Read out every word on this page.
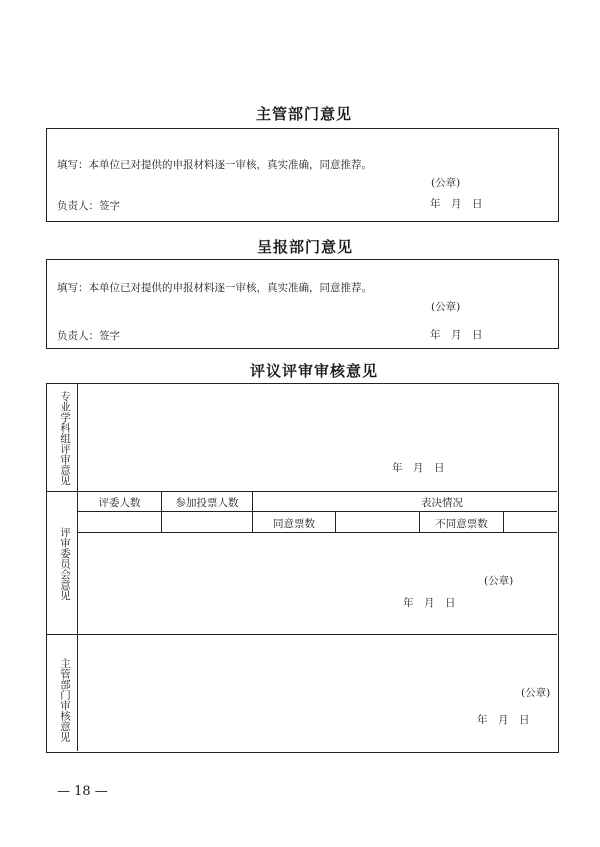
主管部门意见
填写：本单位已对提供的申报材料逐一审核，真实准确，同意推荐。
(公章)
负责人：签字	年　月　日
呈报部门意见
填写：本单位已对提供的申报材料逐一审核，真实准确，同意推荐。
(公章)
负责人：签字	年　月　日
评议评审审核意见
专业学科组评审意见	年　月　日
评审委员会意见
评委人数	参加投票人数	表决情况
同意票数	不同意票数
(公章)
年　月　日
主管部门审核意见	(公章)
年　月　日
— 18 —
